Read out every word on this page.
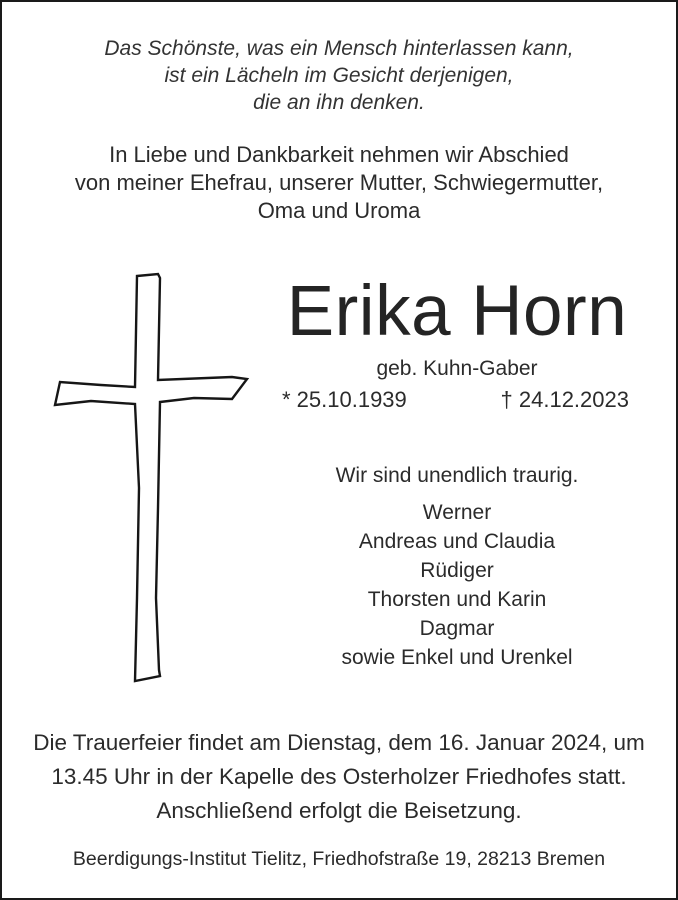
Das Schönste, was ein Mensch hinterlassen kann,
ist ein Lächeln im Gesicht derjenigen,
die an ihn denken.
In Liebe und Dankbarkeit nehmen wir Abschied
von meiner Ehefrau, unserer Mutter, Schwiegermutter,
Oma und Uroma
Erika Horn
geb. Kuhn-Gaber
* 25.10.1939	† 24.12.2023
Wir sind unendlich traurig.
Werner
Andreas und Claudia
Rüdiger
Thorsten und Karin
Dagmar
sowie Enkel und Urenkel
Die Trauerfeier findet am Dienstag, dem 16. Januar 2024, um
13.45 Uhr in der Kapelle des Osterholzer Friedhofes statt.
Anschließend erfolgt die Beisetzung.
Beerdigungs-Institut Tielitz, Friedhofstraße 19, 28213 Bremen
